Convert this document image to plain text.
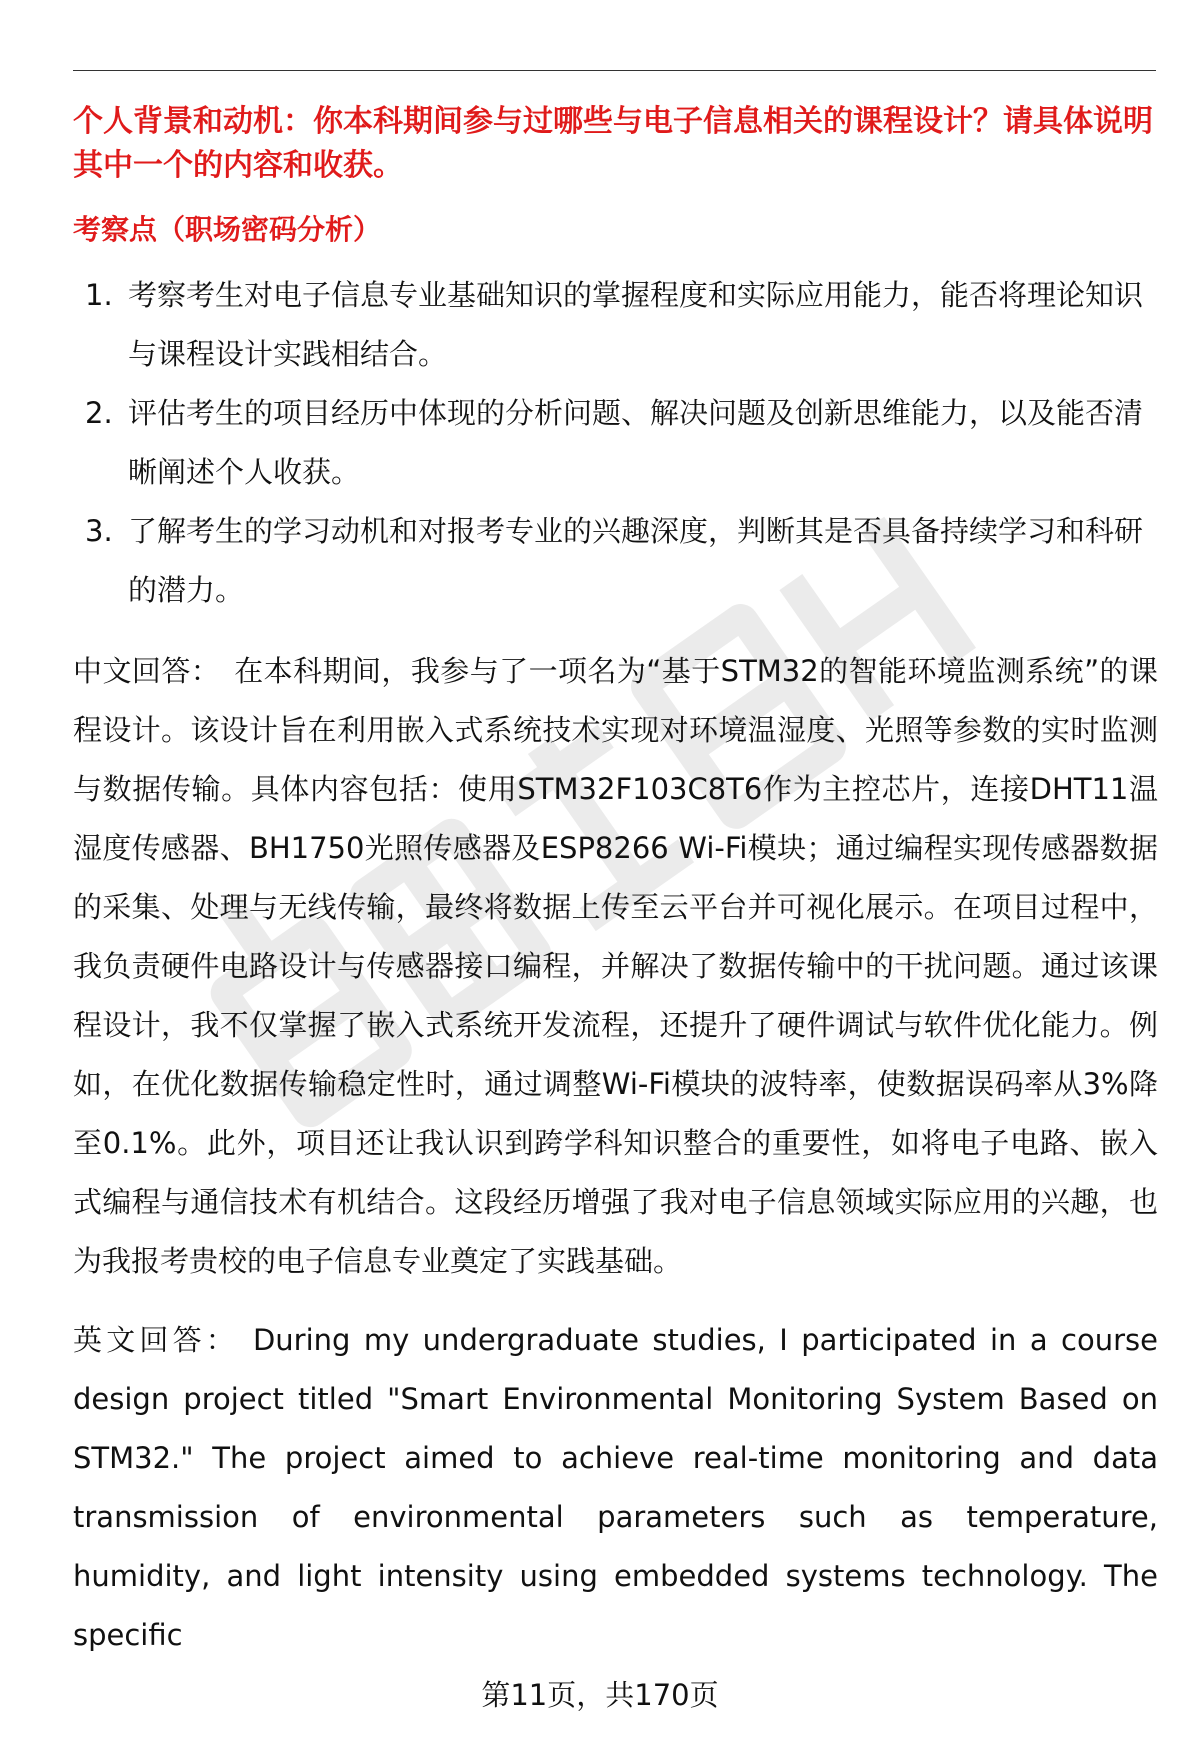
个人背景和动机：你本科期间参与过哪些与电子信息相关的课程设计？请具体说明其中一个的内容和收获。

考察点（职场密码分析）

1. 考察考生对电子信息专业基础知识的掌握程度和实际应用能力，能否将理论知识与课程设计实践相结合。
2. 评估考生的项目经历中体现的分析问题、解决问题及创新思维能力，以及能否清晰阐述个人收获。
3. 了解考生的学习动机和对报考专业的兴趣深度，判断其是否具备持续学习和科研的潜力。

中文回答： 在本科期间，我参与了一项名为“基于STM32的智能环境监测系统”的课程设计。该设计旨在利用嵌入式系统技术实现对环境温湿度、光照等参数的实时监测与数据传输。具体内容包括：使用STM32F103C8T6作为主控芯片，连接DHT11温湿度传感器、BH1750光照传感器及ESP8266 Wi-Fi模块；通过编程实现传感器数据的采集、处理与无线传输，最终将数据上传至云平台并可视化展示。在项目过程中，我负责硬件电路设计与传感器接口编程，并解决了数据传输中的干扰问题。通过该课程设计，我不仅掌握了嵌入式系统开发流程，还提升了硬件调试与软件优化能力。例如，在优化数据传输稳定性时，通过调整Wi-Fi模块的波特率，使数据误码率从3%降至0.1%。此外，项目还让我认识到跨学科知识整合的重要性，如将电子电路、嵌入式编程与通信技术有机结合。这段经历增强了我对电子信息领域实际应用的兴趣，也为我报考贵校的电子信息专业奠定了实践基础。

英文回答： During my undergraduate studies, I participated in a course design project titled "Smart Environmental Monitoring System Based on STM32." The project aimed to achieve real-time monitoring and data transmission of environmental parameters such as temperature, humidity, and light intensity using embedded systems technology. The specific

第11页，共170页
